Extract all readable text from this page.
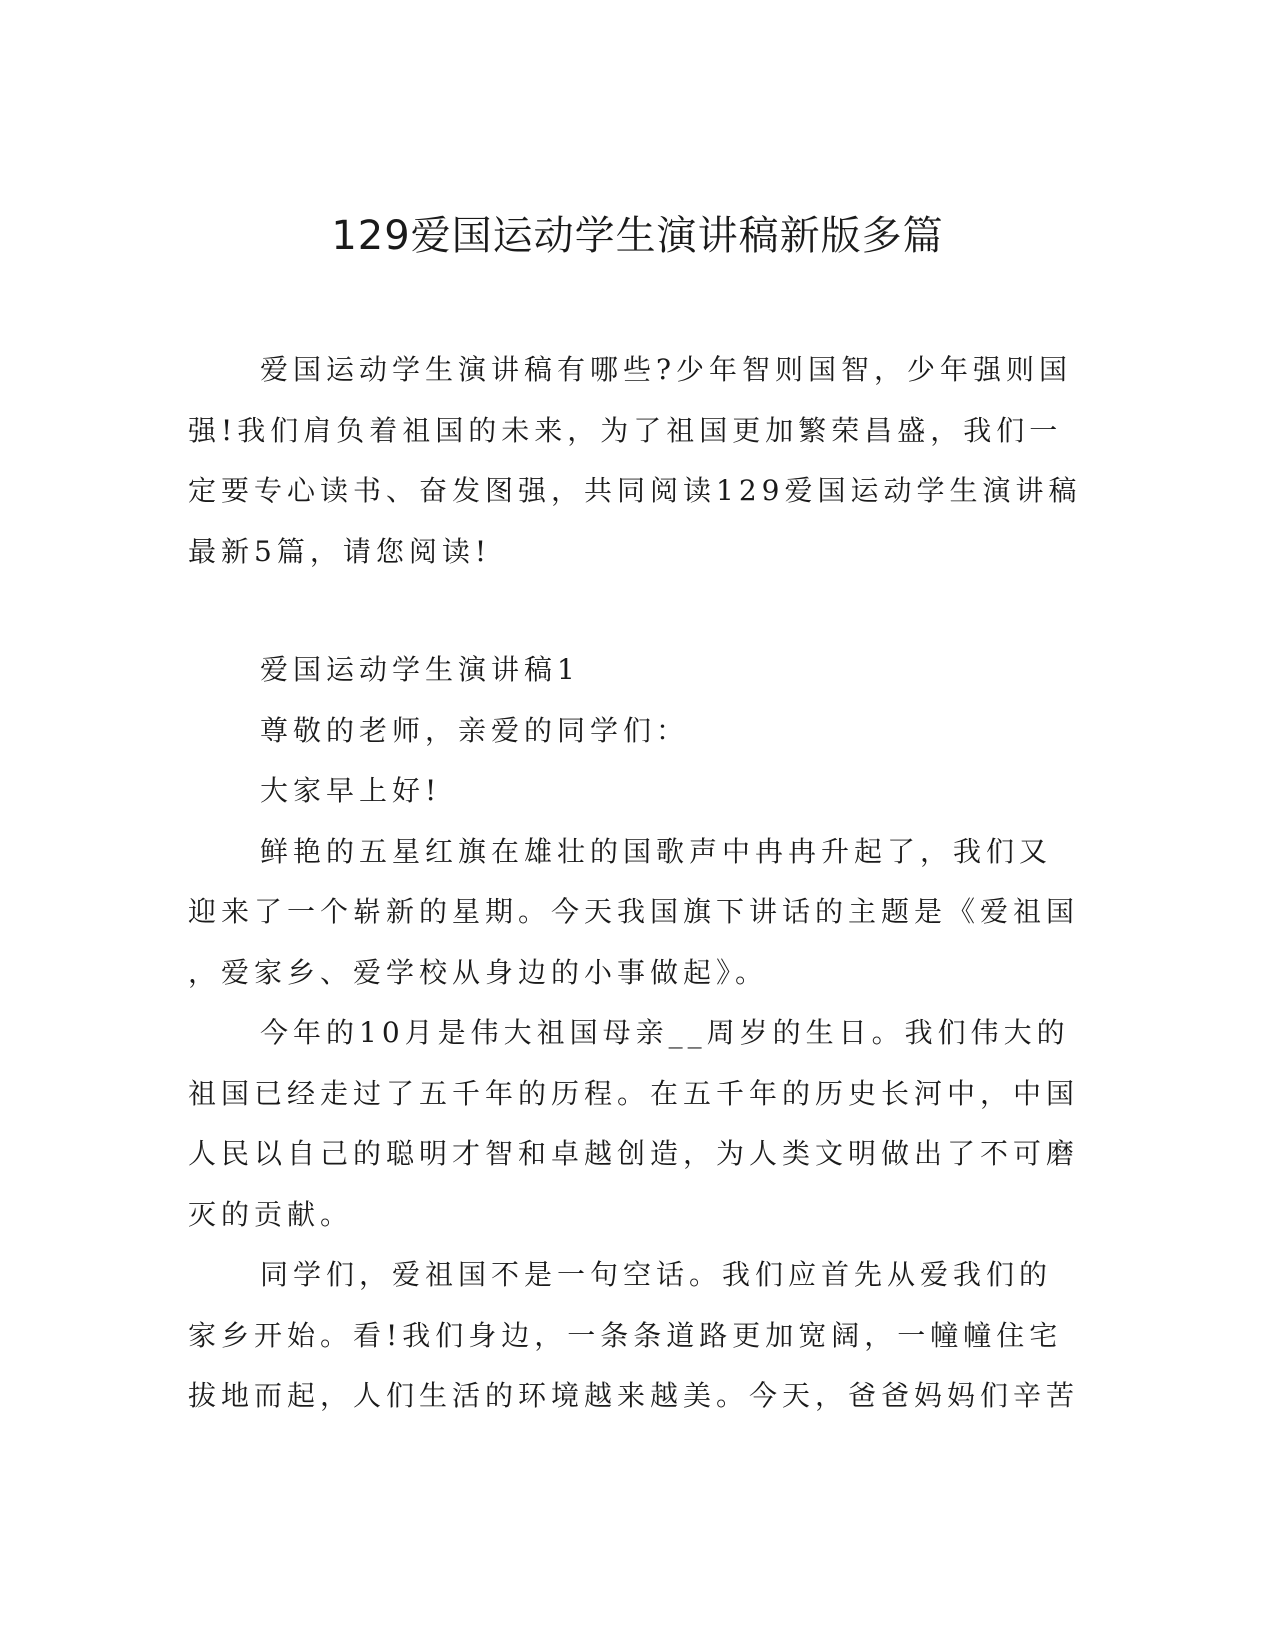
129爱国运动学生演讲稿新版多篇
爱国运动学生演讲稿有哪些?少年智则国智，少年强则国
强!我们肩负着祖国的未来，为了祖国更加繁荣昌盛，我们一
定要专心读书、奋发图强，共同阅读129爱国运动学生演讲稿
最新5篇，请您阅读!
爱国运动学生演讲稿1
尊敬的老师，亲爱的同学们：
大家早上好!
鲜艳的五星红旗在雄壮的国歌声中冉冉升起了，我们又
迎来了一个崭新的星期。今天我国旗下讲话的主题是《爱祖国
，爱家乡、爱学校从身边的小事做起》。
今年的10月是伟大祖国母亲__周岁的生日。我们伟大的
祖国已经走过了五千年的历程。在五千年的历史长河中，中国
人民以自己的聪明才智和卓越创造，为人类文明做出了不可磨
灭的贡献。
同学们，爱祖国不是一句空话。我们应首先从爱我们的
家乡开始。看!我们身边，一条条道路更加宽阔，一幢幢住宅
拔地而起，人们生活的环境越来越美。今天，爸爸妈妈们辛苦
